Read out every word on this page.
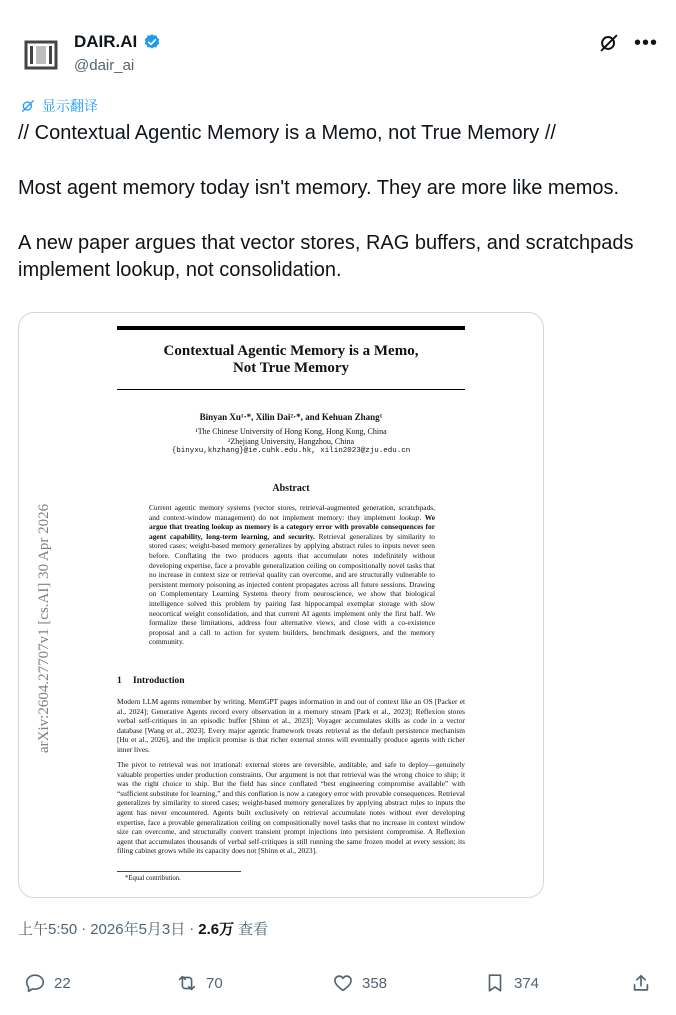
DAIR.AI
@dair_ai
•••
显示翻译

// Contextual Agentic Memory is a Memo, not True Memory //

Most agent memory today isn't memory. They are more like memos.

A new paper argues that vector stores, RAG buffers, and scratchpads implement lookup, not consolidation.

arXiv:2604.27707v1 [cs.AI] 30 Apr 2026
Contextual Agentic Memory is a Memo,
Not True Memory
Binyan Xu¹·*, Xilin Dai²·*, and Kehuan Zhang¹
¹The Chinese University of Hong Kong, Hong Kong, China
²Zhejiang University, Hangzhou, China
{binyxu,khzhang}@ie.cuhk.edu.hk, xilin2023@zju.edu.cn
Abstract
Current agentic memory systems (vector stores, retrieval-augmented generation, scratchpads, and context-window management) do not implement memory: they implement lookup. We argue that treating lookup as memory is a category error with provable consequences for agent capability, long-term learning, and security. Retrieval generalizes by similarity to stored cases; weight-based memory generalizes by applying abstract rules to inputs never seen before. Conflating the two produces agents that accumulate notes indefinitely without developing expertise, face a provable generalization ceiling on compositionally novel tasks that no increase in context size or retrieval quality can overcome, and are structurally vulnerable to persistent memory poisoning as injected content propagates across all future sessions. Drawing on Complementary Learning Systems theory from neuroscience, we show that biological intelligence solved this problem by pairing fast hippocampal exemplar storage with slow neocortical weight consolidation, and that current AI agents implement only the first half. We formalize these limitations, address four alternative views, and close with a co-existence proposal and a call to action for system builders, benchmark designers, and the memory community.
1 Introduction
Modern LLM agents remember by writing. MemGPT pages information in and out of context like an OS [Packer et al., 2024]; Generative Agents record every observation in a memory stream [Park et al., 2023]; Reflexion stores verbal self-critiques in an episodic buffer [Shinn et al., 2023]; Voyager accumulates skills as code in a vector database [Wang et al., 2023]. Every major agentic framework treats retrieval as the default persistence mechanism [Hu et al., 2026], and the implicit promise is that richer external stores will eventually produce agents with richer inner lives.
The pivot to retrieval was not irrational: external stores are reversible, auditable, and safe to deploy—genuinely valuable properties under production constraints. Our argument is not that retrieval was the wrong choice to ship; it was the right choice to ship. But the field has since conflated “best engineering compromise available” with “sufficient substitute for learning,” and this conflation is now a category error with provable consequences. Retrieval generalizes by similarity to stored cases; weight-based memory generalizes by applying abstract rules to inputs the agent has never encountered. Agents built exclusively on retrieval accumulate notes without ever developing expertise, face a provable generalization ceiling on compositionally novel tasks that no increase in context window size can overcome, and structurally convert transient prompt injections into persistent compromise. A Reflexion agent that accumulates thousands of verbal self-critiques is still running the same frozen model at every session; its filing cabinet grows while its capacity does not [Shinn et al., 2023].
*Equal contribution.
上午5:50 · 2026年5月3日 · 2.6万 查看
22	70	358	374
